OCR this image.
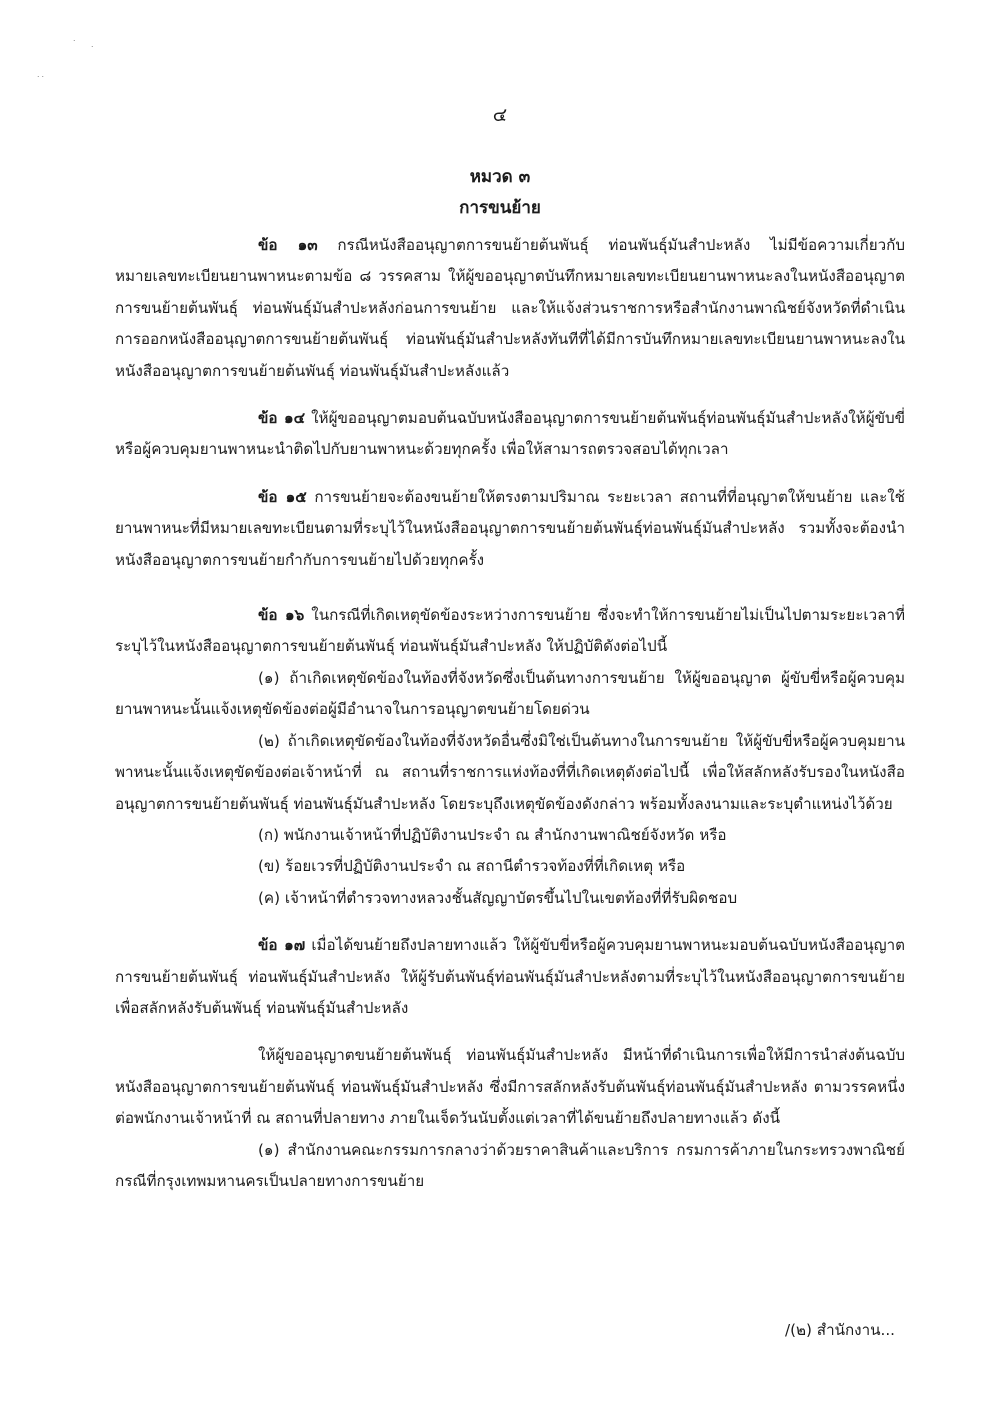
˙
˙
˙˙
๔
หมวด ๓
การขนย้าย

ข้อ ๑๓ กรณีหนังสืออนุญาตการขนย้ายต้นพันธุ์ ท่อนพันธุ์มันสำปะหลัง ไม่มีข้อความเกี่ยวกับหมายเลขทะเบียนยานพาหนะตามข้อ ๘ วรรคสาม ให้ผู้ขออนุญาตบันทึกหมายเลขทะเบียนยานพาหนะลงในหนังสืออนุญาตการขนย้ายต้นพันธุ์ ท่อนพันธุ์มันสำปะหลังก่อนการขนย้าย และให้แจ้งส่วนราชการหรือสำนักงานพาณิชย์จังหวัดที่ดำเนินการออกหนังสืออนุญาตการขนย้ายต้นพันธุ์ ท่อนพันธุ์มันสำปะหลังทันทีที่ได้มีการบันทึกหมายเลขทะเบียนยานพาหนะลงในหนังสืออนุญาตการขนย้ายต้นพันธุ์ ท่อนพันธุ์มันสำปะหลังแล้ว

ข้อ ๑๔ ให้ผู้ขออนุญาตมอบต้นฉบับหนังสืออนุญาตการขนย้ายต้นพันธุ์ท่อนพันธุ์มันสำปะหลังให้ผู้ขับขี่หรือผู้ควบคุมยานพาหนะนำติดไปกับยานพาหนะด้วยทุกครั้ง เพื่อให้สามารถตรวจสอบได้ทุกเวลา

ข้อ ๑๕ การขนย้ายจะต้องขนย้ายให้ตรงตามปริมาณ ระยะเวลา สถานที่ที่อนุญาตให้ขนย้าย และใช้ยานพาหนะที่มีหมายเลขทะเบียนตามที่ระบุไว้ในหนังสืออนุญาตการขนย้ายต้นพันธุ์ท่อนพันธุ์มันสำปะหลัง รวมทั้งจะต้องนำหนังสืออนุญาตการขนย้ายกำกับการขนย้ายไปด้วยทุกครั้ง

ข้อ ๑๖ ในกรณีที่เกิดเหตุขัดข้องระหว่างการขนย้าย ซึ่งจะทำให้การขนย้ายไม่เป็นไปตามระยะเวลาที่ระบุไว้ในหนังสืออนุญาตการขนย้ายต้นพันธุ์ ท่อนพันธุ์มันสำปะหลัง ให้ปฏิบัติดังต่อไปนี้

(๑) ถ้าเกิดเหตุขัดข้องในท้องที่จังหวัดซึ่งเป็นต้นทางการขนย้าย ให้ผู้ขออนุญาต ผู้ขับขี่หรือผู้ควบคุมยานพาหนะนั้นแจ้งเหตุขัดข้องต่อผู้มีอำนาจในการอนุญาตขนย้ายโดยด่วน

(๒) ถ้าเกิดเหตุขัดข้องในท้องที่จังหวัดอื่นซึ่งมิใช่เป็นต้นทางในการขนย้าย ให้ผู้ขับขี่หรือผู้ควบคุมยานพาหนะนั้นแจ้งเหตุขัดข้องต่อเจ้าหน้าที่ ณ สถานที่ราชการแห่งท้องที่ที่เกิดเหตุดังต่อไปนี้ เพื่อให้สลักหลังรับรองในหนังสืออนุญาตการขนย้ายต้นพันธุ์ ท่อนพันธุ์มันสำปะหลัง โดยระบุถึงเหตุขัดข้องดังกล่าว พร้อมทั้งลงนามและระบุตำแหน่งไว้ด้วย

(ก) พนักงานเจ้าหน้าที่ปฏิบัติงานประจำ ณ สำนักงานพาณิชย์จังหวัด หรือ

(ข) ร้อยเวรที่ปฏิบัติงานประจำ ณ สถานีตำรวจท้องที่ที่เกิดเหตุ หรือ

(ค) เจ้าหน้าที่ตำรวจทางหลวงชั้นสัญญาบัตรขึ้นไปในเขตท้องที่ที่รับผิดชอบ

ข้อ ๑๗ เมื่อได้ขนย้ายถึงปลายทางแล้ว ให้ผู้ขับขี่หรือผู้ควบคุมยานพาหนะมอบต้นฉบับหนังสืออนุญาตการขนย้ายต้นพันธุ์ ท่อนพันธุ์มันสำปะหลัง ให้ผู้รับต้นพันธุ์ท่อนพันธุ์มันสำปะหลังตามที่ระบุไว้ในหนังสืออนุญาตการขนย้าย เพื่อสลักหลังรับต้นพันธุ์ ท่อนพันธุ์มันสำปะหลัง

ให้ผู้ขออนุญาตขนย้ายต้นพันธุ์ ท่อนพันธุ์มันสำปะหลัง มีหน้าที่ดำเนินการเพื่อให้มีการนำส่งต้นฉบับหนังสืออนุญาตการขนย้ายต้นพันธุ์ ท่อนพันธุ์มันสำปะหลัง ซึ่งมีการสลักหลังรับต้นพันธุ์ท่อนพันธุ์มันสำปะหลัง ตามวรรคหนึ่งต่อพนักงานเจ้าหน้าที่ ณ สถานที่ปลายทาง ภายในเจ็ดวันนับตั้งแต่เวลาที่ได้ขนย้ายถึงปลายทางแล้ว ดังนี้

(๑) สำนักงานคณะกรรมการกลางว่าด้วยราคาสินค้าและบริการ กรมการค้าภายในกระทรวงพาณิชย์ กรณีที่กรุงเทพมหานครเป็นปลายทางการขนย้าย

/(๒) สำนักงาน...
